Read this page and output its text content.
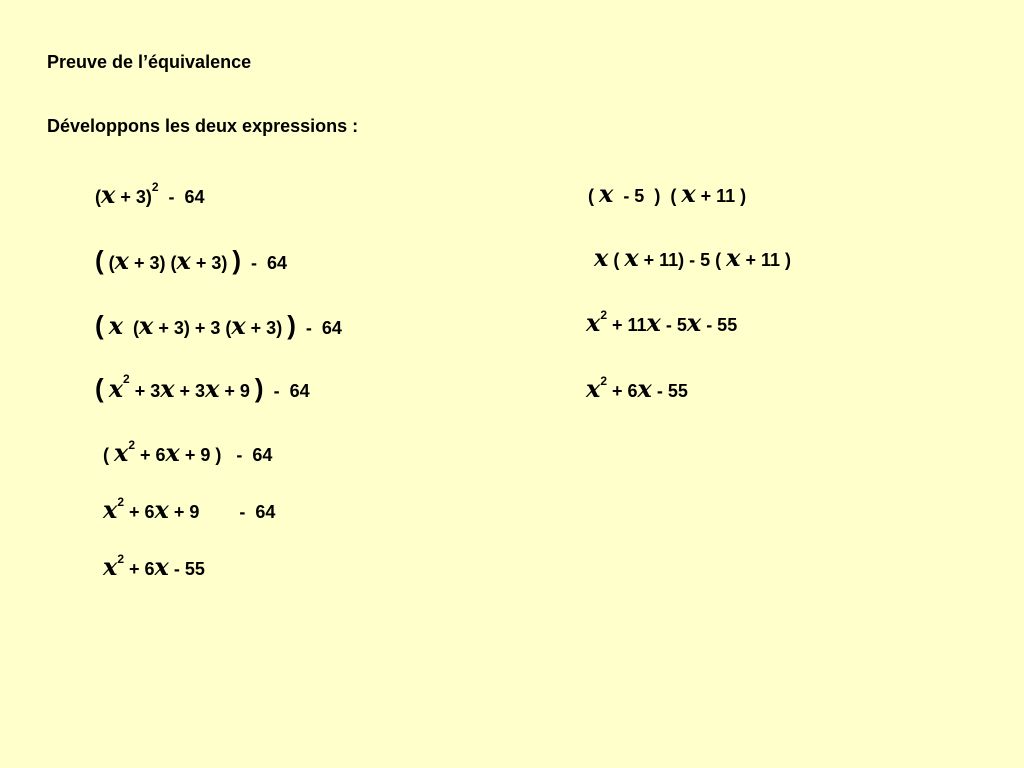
Preuve de l’équivalence
Développons les deux expressions :
$(x + 3)^2 - 64$
( (x + 3) (x + 3) )  -  64
( x  (x + 3) + 3 (x + 3) )  -  64
( $x^2 + 3x + 3x + 9$ )  -  64
( $x^2 + 6x + 9$ )   -  64
$x^2 + 6x + 9$        -  64
$x^2 + 6x - 55$
( x  - 5  )  ( x + 11 )
x ( x + 11) - 5 ( x + 11 )
$x^2 + 11x - 5x - 55$
$x^2 + 6x - 55$
